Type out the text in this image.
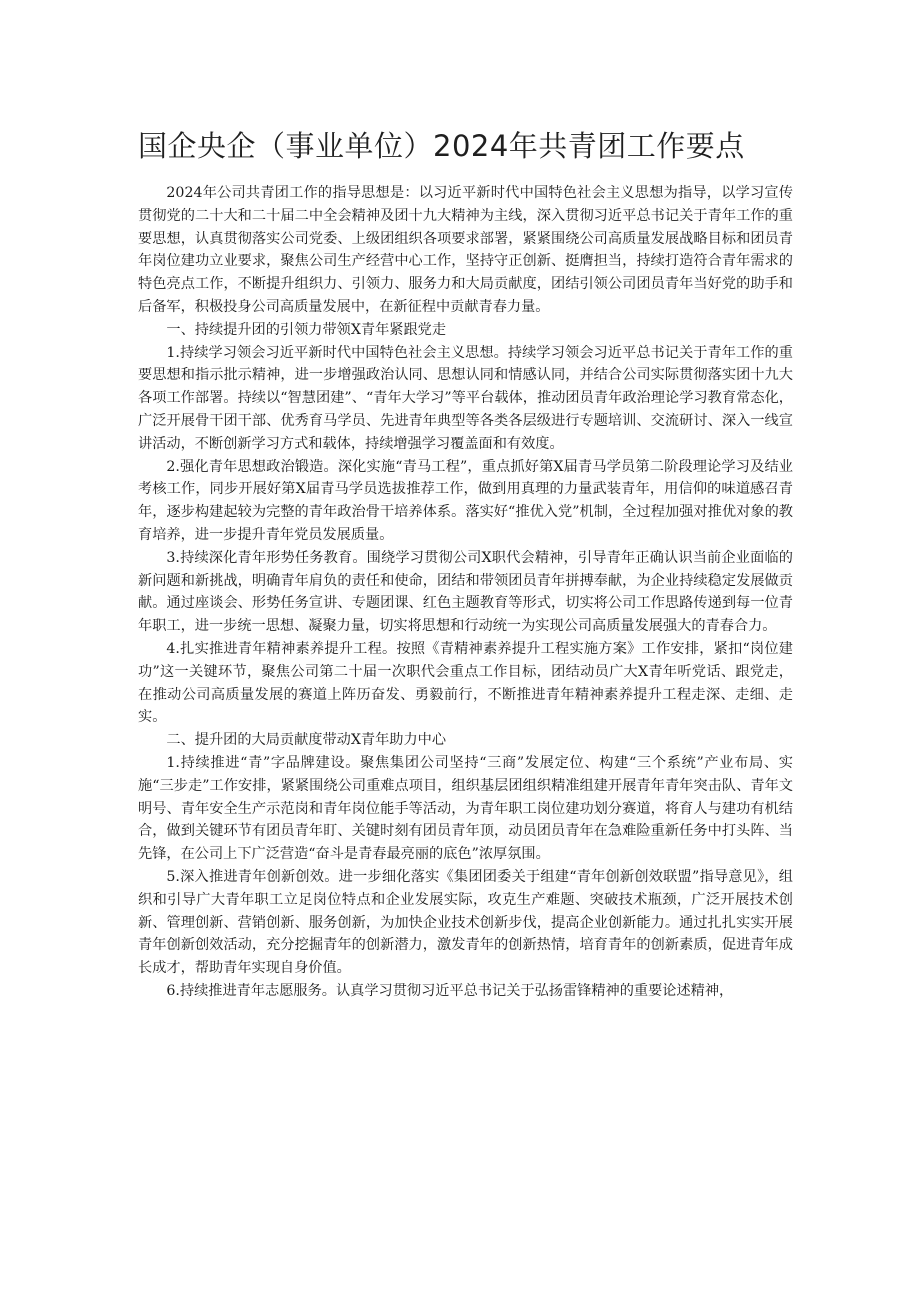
国企央企（事业单位）2024年共青团工作要点

2024年公司共青团工作的指导思想是：以习近平新时代中国特色社会主义思想为指导，以学习宣传贯彻党的二十大和二十届二中全会精神及团十九大精神为主线，深入贯彻习近平总书记关于青年工作的重要思想，认真贯彻落实公司党委、上级团组织各项要求部署，紧紧围绕公司高质量发展战略目标和团员青年岗位建功立业要求，聚焦公司生产经营中心工作，坚持守正创新、挺膺担当，持续打造符合青年需求的特色亮点工作，不断提升组织力、引领力、服务力和大局贡献度，团结引领公司团员青年当好党的助手和后备军，积极投身公司高质量发展中，在新征程中贡献青春力量。

一、持续提升团的引领力带领X青年紧跟党走

1.持续学习领会习近平新时代中国特色社会主义思想。持续学习领会习近平总书记关于青年工作的重要思想和指示批示精神，进一步增强政治认同、思想认同和情感认同，并结合公司实际贯彻落实团十九大各项工作部署。持续以“智慧团建”、“青年大学习”等平台载体，推动团员青年政治理论学习教育常态化，广泛开展骨干团干部、优秀育马学员、先进青年典型等各类各层级进行专题培训、交流研讨、深入一线宣讲活动，不断创新学习方式和载体，持续增强学习覆盖面和有效度。

2.强化青年思想政治锻造。深化实施“青马工程”，重点抓好第X届青马学员第二阶段理论学习及结业考核工作，同步开展好第X届青马学员选拔推荐工作，做到用真理的力量武装青年，用信仰的味道感召青年，逐步构建起较为完整的青年政治骨干培养体系。落实好“推优入党”机制，全过程加强对推优对象的教育培养，进一步提升青年党员发展质量。

3.持续深化青年形势任务教育。围绕学习贯彻公司X职代会精神，引导青年正确认识当前企业面临的新问题和新挑战，明确青年肩负的责任和使命，团结和带领团员青年拼搏奉献，为企业持续稳定发展做贡献。通过座谈会、形势任务宣讲、专题团课、红色主题教育等形式，切实将公司工作思路传递到每一位青年职工，进一步统一思想、凝聚力量，切实将思想和行动统一为实现公司高质量发展强大的青春合力。

4.扎实推进青年精神素养提升工程。按照《青精神素养提升工程实施方案》工作安排，紧扣“岗位建功”这一关键环节，聚焦公司第二十届一次职代会重点工作目标，团结动员广大X青年听党话、跟党走，在推动公司高质量发展的赛道上阵历奋发、勇毅前行，不断推进青年精神素养提升工程走深、走细、走实。

二、提升团的大局贡献度带动X青年助力中心

1.持续推进“青”字品牌建设。聚焦集团公司坚持“三商”发展定位、构建“三个系统”产业布局、实施“三步走”工作安排，紧紧围绕公司重难点项目，组织基层团组织精准组建开展青年青年突击队、青年文明号、青年安全生产示范岗和青年岗位能手等活动，为青年职工岗位建功划分赛道，将育人与建功有机结合，做到关键环节有团员青年盯、关键时刻有团员青年顶，动员团员青年在急难险重新任务中打头阵、当先锋，在公司上下广泛营造“奋斗是青春最亮丽的底色”浓厚氛围。

5.深入推进青年创新创效。进一步细化落实《集团团委关于组建“青年创新创效联盟”指导意见》，组织和引导广大青年职工立足岗位特点和企业发展实际，攻克生产难题、突破技术瓶颈，广泛开展技术创新、管理创新、营销创新、服务创新，为加快企业技术创新步伐，提高企业创新能力。通过扎扎实实开展青年创新创效活动，充分挖掘青年的创新潜力，激发青年的创新热情，培育青年的创新素质，促进青年成长成才，帮助青年实现自身价值。

6.持续推进青年志愿服务。认真学习贯彻习近平总书记关于弘扬雷锋精神的重要论述精神，
